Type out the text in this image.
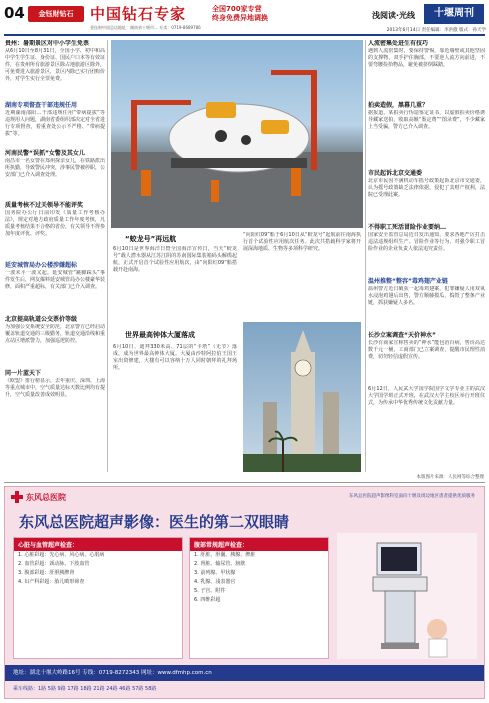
04	金钰财钻石	中国钻石专家	全国700家专营
终身免费异地调换
金钰财中国总店地址：湖南省十堰市… 专卖：0719-8689786
浅阅读·光线	十堰周刊
2013年6月14日 责任编辑：李洪傲 版式：孙天学
贵州：暑期景区对中小学生免票
从6月10日至8月31日，全国小学、初中和高中学生学生证、身份证、国民户口本等有效证件，在贵州所有旅游景区除占地旅游区除外，可免费进入旅游景区，景区内除已实行团购价外，对学生实行全票免费。
湖南专项督查干部违规任用
近期湖南邵阳…干部违规任用“带病提拔”等违规用人问题，湖南省委组织部决定对全省进行专项督查，着重查处公示不严格、“带病提拔”等。
河南民警“误抓”女警及其女儿
南昌市一名女警在郑州探亲女儿，在铁路派出所执勤，导致警民冲突，涉事民警被停职，公安部门已介入调查处理。
质量考核不过关领导不能评奖
国务院办公厅日前印发《质量工作考核办法》，规定对地方政府质量工作年度考核，凡质量考核结果不合格的省份，有关领导不得参加年度评优、评奖。
延安城管局办公楼涉嫌超标
一波未平一波又起。延安城管“跳脚踩头”事件发生后，网友爆料延安城管局办公楼豪华装修，面积严重超标，有关部门已介入调查。
北京提高轨道公交票价等级
为加强公交系统安全防范，北京警方已经启动覆盖轨道交通的三级勤务，轨道交通沿线和重点站区增派警力，加强巡逻防控。
同一片蓝天下
《欧盟》排行榜显示，去年重庆、深圳、上海等重点城市中，空气质量达标天数比例均有提升，空气质量改善成效明显。
“蛟龙号”再远航
6月10日是世界海洋日暨全国海洋宣传日，当天“蛟龙号”载人潜水器从江苏江阴的苏南国际集装箱码头解缆起航，正式开启首个试验性应用航次，由“向阳红09”船搭载开赴南海。
“向阳红09”船于6月10日从“蛟龙号”起航前往南海执行首个试验性应用航次任务。此次共搭载科学家将开展深海地质、生物等多项科学研究。
世界最高钟体大厦落成
6月10日，迪拜330米高、71层的“卡塔”（无节）落成，成为世界最高钟体大厦。大厦由沙特阿拉伯王国王室出资修建，大楼有可以容纳十万人同时朝拜的礼拜场所。
人流密集处进生有技巧
遇到人流密集时，要保持警惕，靠近墙壁或其他坚固的支撑物，双手护住胸部，不要逆人流方向前进，不要弯腰捡拾物品，避免被挤倒踩踏。
拍卖造假，黑幕几重？
据报道，某拍卖行伪造鉴定证书，以虚假拍卖价格诱导藏家送拍，收取高额“鉴定费”“图录费”，不少藏家上当受骗，警方已介入调查。
市民起诉北京交通委
北京市民因不满机动车摇号政策起诉北京市交通委，认为摇号政策缺乏法律依据，侵犯了其财产权利，法院已受理此案。
不得职工死活冒险作业要纳…
国家安全监管总局近日发出通知，要求各地严厉打击违法违规组织生产、冒险作业等行为，对强令职工冒险作业的企业负责人依法追究责任。
温州推整“整容”毒鸡翅产业链
温州警方近日破获一起毒鸡翅案，犯罪嫌疑人用双氧水浸泡鸡翅后出售，警方顺藤摸瓜，捣毁了整条产业链，抓获嫌疑人多名。
长沙立案调查“天价神水”
长沙有商家宣称售卖的“神水”能包治百病，售价高达数千元一桶，工商部门已立案调查，提醒市民理性消费，切勿轻信虚假宣传。
6月12日，人民武大学国学院国学文学专业主的武汉大学国学班正式开班，在武汉大学主校区举行开班仪式，为传承中华优秀传统文化贡献力量。
本版图片来源：人民网等综合整理
东风总医院	东风总医院超声影像科室面向十堰及周边地区患者提供优质服务
东风总医院超声影像：医生的第二双眼睛
心脏与血管超声检查：
1. 心脏彩超：先心病、风心病、心肌病
2. 血管彩超：颈动脉、下肢血管
3. 腹部彩超：肝胆胰脾肾
4. 妇产科彩超：胎儿畸形筛查
腹部常规超声检查：
1. 肝脏、胆囊、胰腺、脾脏
2. 肾脏、输尿管、膀胱
3. 前列腺、甲状腺
4. 乳腺、浅表器官
5. 子宫、附件
6. 四维彩超
地址：湖北十堰大岭路16号 专线：0719-8272343 网址：www.dfmhp.com.cn
乘车线路：1路 5路 9路 17路 18路 21路 24路 46路 57路 58路
